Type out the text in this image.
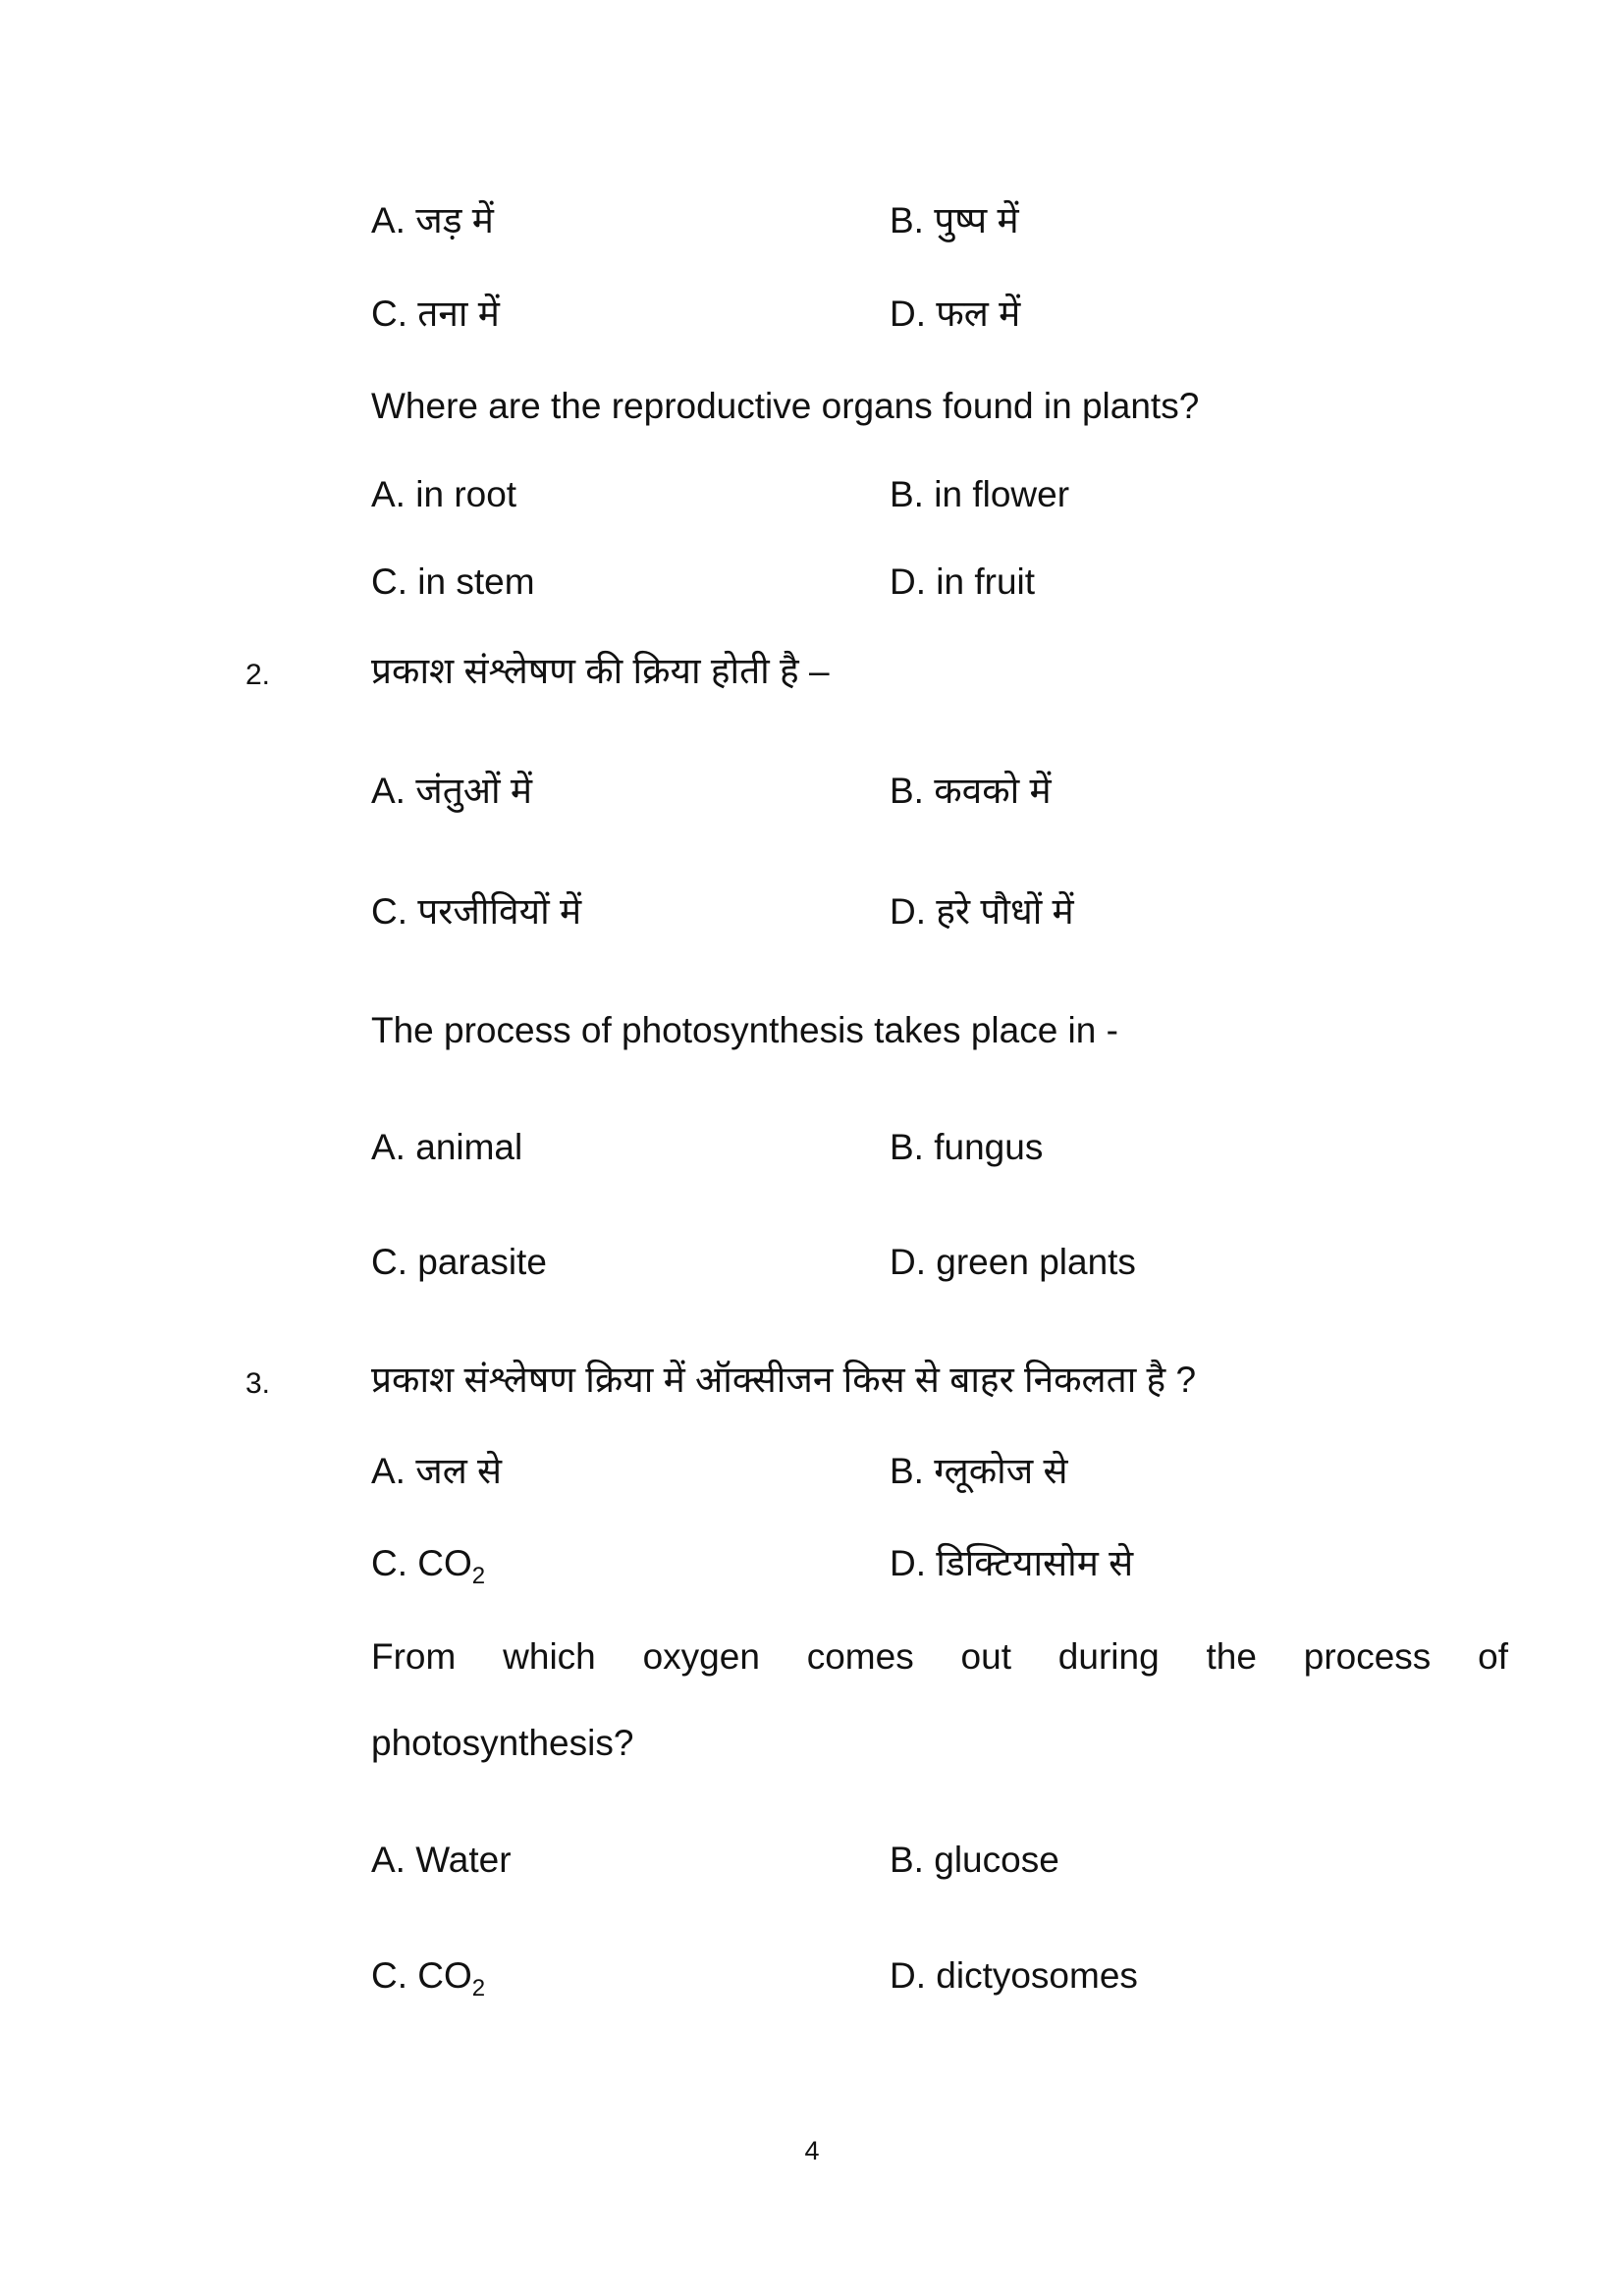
A. जड़ में	B. पुष्प में
C. तना में	D. फल में
Where are the reproductive organs found in plants?
A. in root	B. in flower
C. in stem	D. in fruit
2.	प्रकाश संश्लेषण की क्रिया होती है –
A. जंतुओं में	B. कवको में
C. परजीवियों में	D. हरे पौधों में
The process of photosynthesis takes place in -
A. animal	B. fungus
C. parasite	D. green plants
3.	प्रकाश संश्लेषण क्रिया में ऑक्सीजन किस से बाहर निकलता है ?
A. जल से	B. ग्लूकोज से
C. $CO_2$	D. डिक्टियासोम से
From which oxygen comes out during the process of
photosynthesis?
A. Water	B. glucose
C. $CO_2$	D. dictyosomes
4
